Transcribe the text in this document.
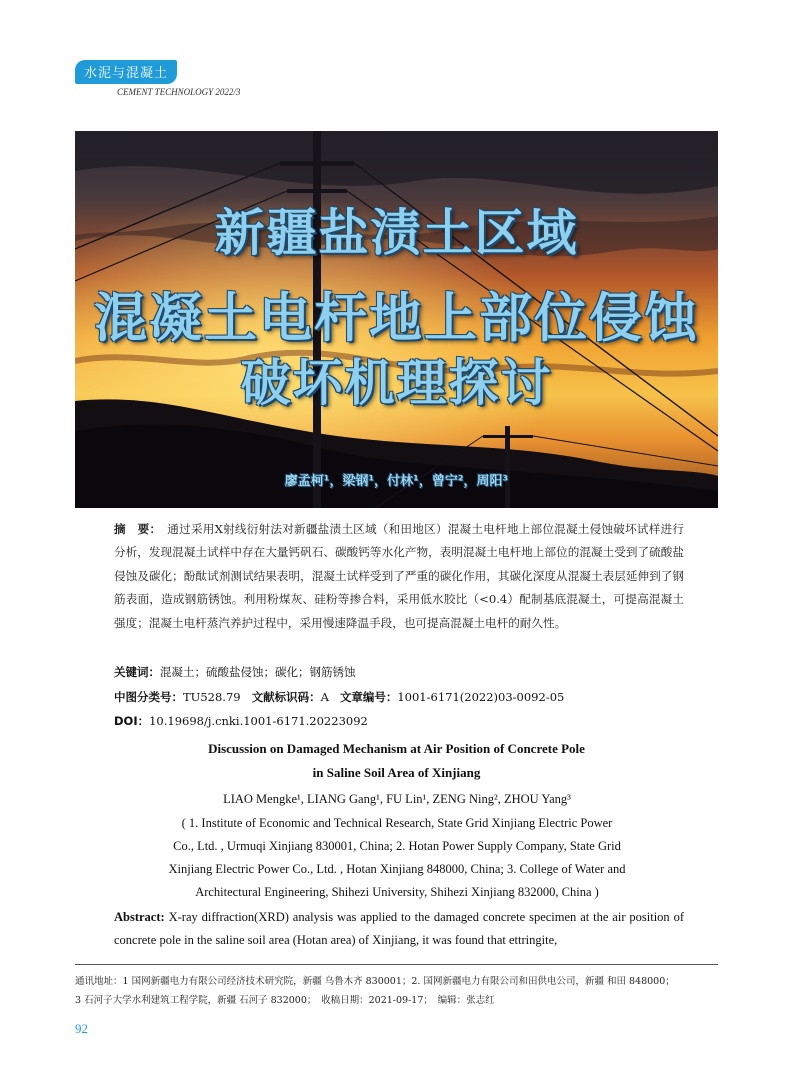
水泥与混凝土
CEMENT TECHNOLOGY 2022/3
新疆盐渍土区域
混凝土电杆地上部位侵蚀
破坏机理探讨
廖孟柯¹，梁钢¹，付林¹，曾宁²，周阳³
摘　要： 通过采用X射线衍射法对新疆盐渍土区域（和田地区）混凝土电杆地上部位混凝土侵蚀破坏试样进行分析，发现混凝土试样中存在大量钙矾石、碳酸钙等水化产物，表明混凝土电杆地上部位的混凝土受到了硫酸盐侵蚀及碳化；酚酞试剂测试结果表明，混凝土试样受到了严重的碳化作用，其碳化深度从混凝土表层延伸到了钢筋表面，造成钢筋锈蚀。利用粉煤灰、硅粉等掺合料，采用低水胶比（<0.4）配制基底混凝土，可提高混凝土强度；混凝土电杆蒸汽养护过程中，采用慢速降温手段，也可提高混凝土电杆的耐久性。
关键词：混凝土；硫酸盐侵蚀；碳化；钢筋锈蚀
中图分类号：TU528.79 文献标识码：A 文章编号：1001-6171(2022)03-0092-05
DOI：10.19698/j.cnki.1001-6171.20223092
Discussion on Damaged Mechanism at Air Position of Concrete Pole
in Saline Soil Area of Xinjiang
LIAO Mengke¹, LIANG Gang¹, FU Lin¹, ZENG Ning², ZHOU Yang³
( 1. Institute of Economic and Technical Research, State Grid Xinjiang Electric Power
Co., Ltd. , Urmuqi Xinjiang 830001, China; 2. Hotan Power Supply Company, State Grid
Xinjiang Electric Power Co., Ltd. , Hotan Xinjiang 848000, China; 3. College of Water and
Architectural Engineering, Shihezi University, Shihezi Xinjiang 832000, China )
Abstract: X-ray diffraction(XRD) analysis was applied to the damaged concrete specimen at the air position of concrete pole in the saline soil area (Hotan area) of Xinjiang, it was found that ettringite,
通讯地址：1 国网新疆电力有限公司经济技术研究院，新疆 乌鲁木齐 830001；2. 国网新疆电力有限公司和田供电公司，新疆 和田 848000；
3 石河子大学水利建筑工程学院，新疆 石河子 832000；　收稿日期：2021-09-17；　编辑：张志红
92
